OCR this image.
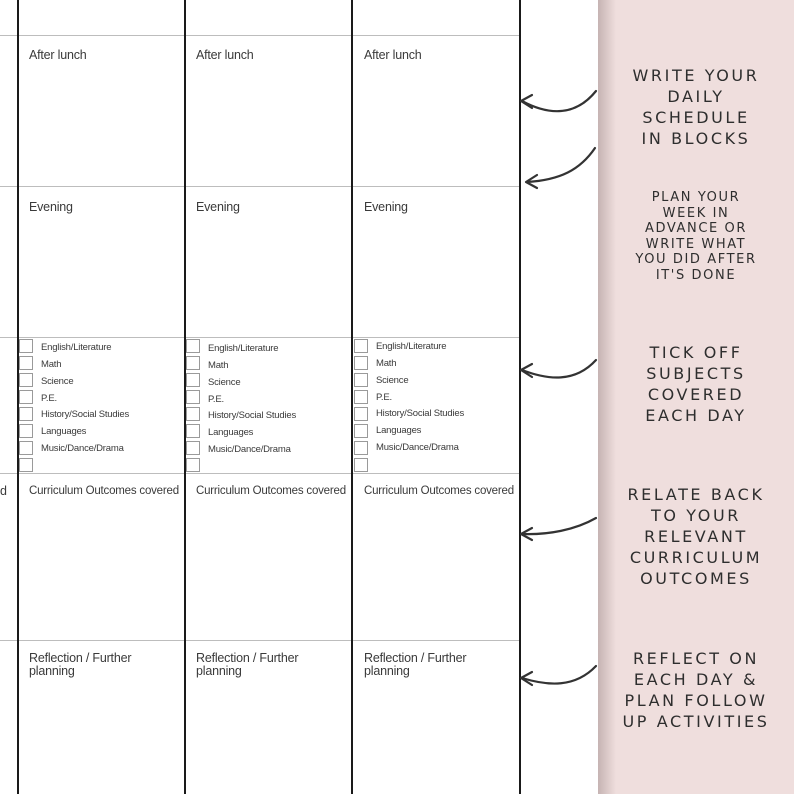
d
After lunch
Evening
English/Literature
Math
Science
P.E.
History/Social Studies
Languages
Music/Dance/Drama
Curriculum Outcomes covered
Reflection / Further
planning
After lunch
Evening
English/Literature
Math
Science
P.E.
History/Social Studies
Languages
Music/Dance/Drama
Curriculum Outcomes covered
Reflection / Further
planning
After lunch
Evening
English/Literature
Math
Science
P.E.
History/Social Studies
Languages
Music/Dance/Drama
Curriculum Outcomes covered
Reflection / Further
planning
WRITE YOUR
DAILY
SCHEDULE
IN BLOCKS
PLAN YOUR
WEEK IN
ADVANCE OR
WRITE WHAT
YOU DID AFTER
IT'S DONE
TICK OFF
SUBJECTS
COVERED
EACH DAY
RELATE BACK
TO YOUR
RELEVANT
CURRICULUM
OUTCOMES
REFLECT ON
EACH DAY &
PLAN FOLLOW
UP ACTIVITIES
